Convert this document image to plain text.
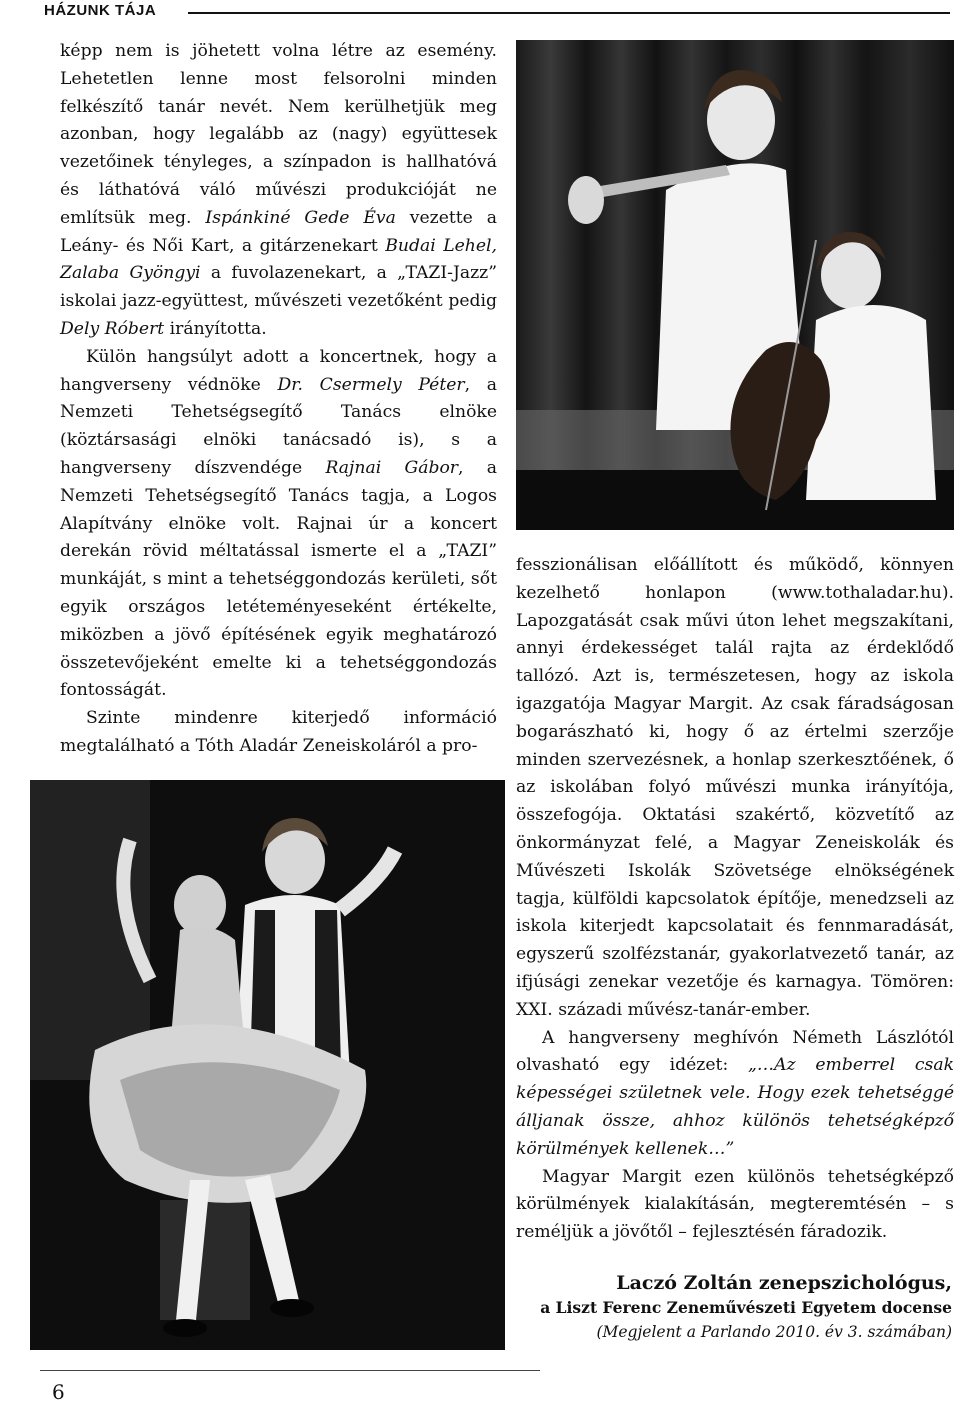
HÁZUNK TÁJA

képp nem is jöhetett volna létre az esemény. Lehetetlen lenne most felsorolni minden felkészítő tanár nevét. Nem kerülhetjük meg azonban, hogy legalább az (nagy) együttesek vezetőinek tényleges, a színpadon is hallhatóvá és láthatóvá váló művészi produkcióját ne említsük meg. Ispánkiné Gede Éva vezette a Leány- és Női Kart, a gitárzenekart Budai Lehel, Zalaba Gyöngyi a fuvolazenekart, a „TAZI-Jazz” iskolai jazz-együttest, művészeti vezetőként pedig Dely Róbert irányította.

Külön hangsúlyt adott a koncertnek, hogy a hangverseny védnöke Dr. Csermely Péter, a Nemzeti Tehetségsegítő Tanács elnöke (köztársasági elnöki tanácsadó is), s a hangverseny díszvendége Rajnai Gábor, a Nemzeti Tehetségsegítő Tanács tagja, a Logos Alapítvány elnöke volt. Rajnai úr a koncert derekán rövid méltatással ismerte el a „TAZI” munkáját, s mint a tehetséggondozás kerületi, sőt egyik országos letéteményeseként értékelte, miközben a jövő építésének egyik meghatározó összetevőjeként emelte ki a tehetséggondozás fontosságát.

Szinte mindenre kiterjedő információ megtalálható a Tóth Aladár Zeneiskoláról a pro-

fesszionálisan előállított és működő, könnyen kezelhető honlapon (www.tothaladar.hu). Lapozgatását csak művi úton lehet megszakítani, annyi érdekességet talál rajta az érdeklődő tallózó. Azt is, természetesen, hogy az iskola igazgatója Magyar Margit. Az csak fáradságosan bogarászható ki, hogy ő az értelmi szerzője minden szervezésnek, a honlap szerkesztőének, ő az iskolában folyó művészi munka irányítója, összefogója. Oktatási szakértő, közvetítő az önkormányzat felé, a Magyar Zeneiskolák és Művészeti Iskolák Szövetsége elnökségének tagja, külföldi kapcsolatok építője, menedzseli az iskola kiterjedt kapcsolatait és fennmaradását, egyszerű szolfézstanár, gyakorlatvezető tanár, az ifjúsági zenekar vezetője és karnagya. Tömören: XXI. századi művész-tanár-ember.

A hangverseny meghívón Németh Lászlótól olvasható egy idézet: „…Az emberrel csak képességei születnek vele. Hogy ezek tehetséggé álljanak össze, ahhoz különös tehetségképző körülmények kellenek…”

Magyar Margit ezen különös tehetségképző körülmények kialakításán, megteremtésén – s reméljük a jövőtől – fejlesztésén fáradozik.

Laczó Zoltán zenepszichológus,
a Liszt Ferenc Zeneművészeti Egyetem docense
(Megjelent a Parlando 2010. év 3. számában)
6
